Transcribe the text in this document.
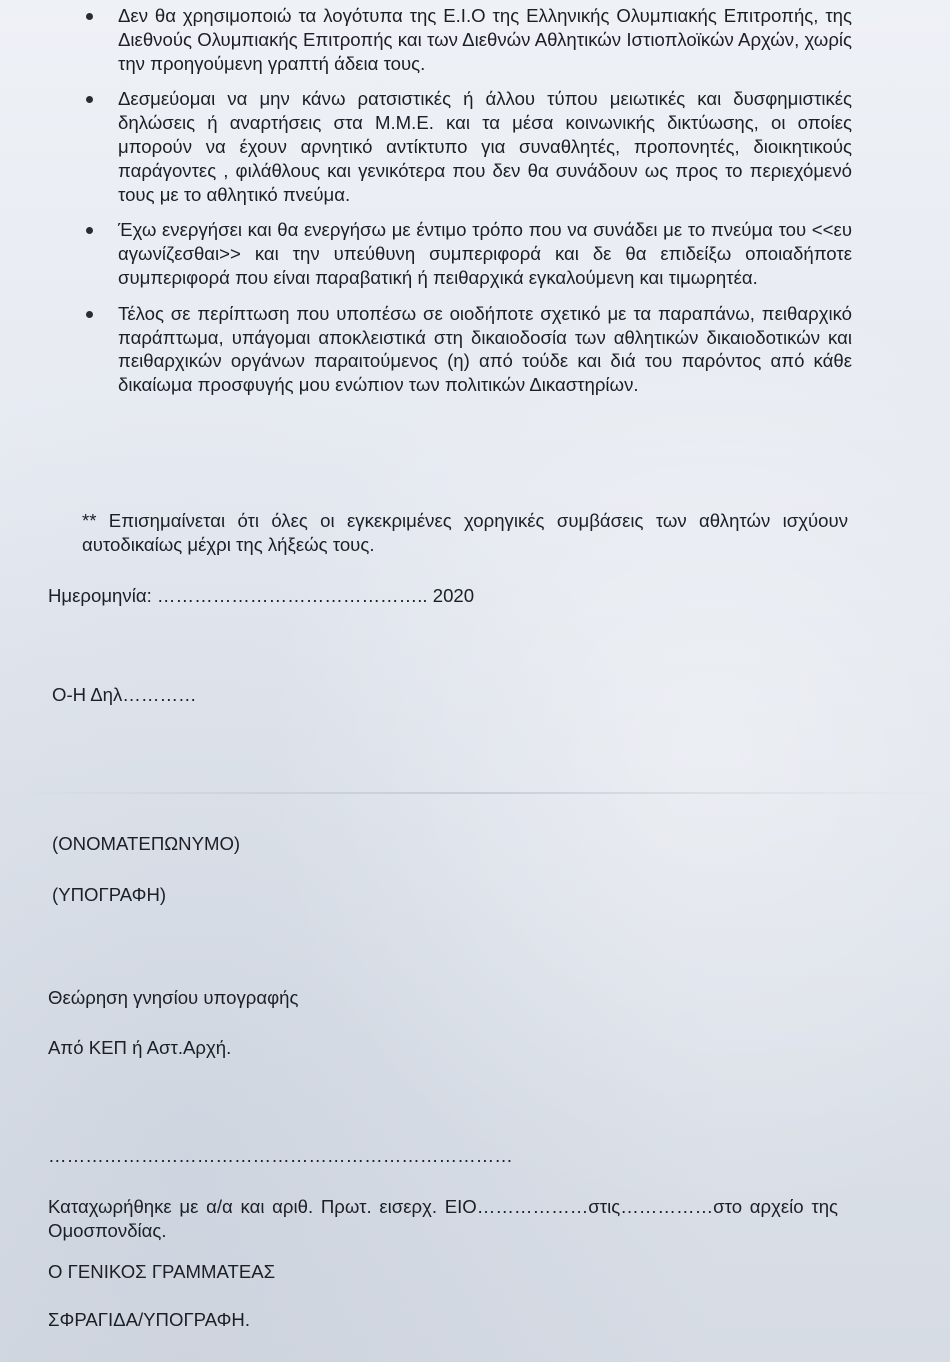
Δεν θα χρησιμοποιώ τα λογότυπα της Ε.Ι.Ο της Ελληνικής Ολυμπιακής Επιτροπής, της Διεθνούς Ολυμπιακής Επιτροπής και των Διεθνών Αθλητικών Ιστιοπλοϊκών Αρχών, χωρίς την προηγούμενη γραπτή άδεια τους.
Δεσμεύομαι να μην κάνω ρατσιστικές ή άλλου τύπου μειωτικές και δυσφημιστικές δηλώσεις ή αναρτήσεις στα Μ.Μ.Ε. και τα μέσα κοινωνικής δικτύωσης, οι οποίες μπορούν να έχουν αρνητικό αντίκτυπο για συναθλητές, προπονητές, διοικητικούς παράγοντες , φιλάθλους και γενικότερα που δεν θα συνάδουν ως προς το περιεχόμενό τους με το αθλητικό πνεύμα.
Έχω ενεργήσει και θα ενεργήσω με έντιμο τρόπο που να συνάδει με το πνεύμα του <<ευ αγωνίζεσθαι>> και την υπεύθυνη συμπεριφορά και δε θα επιδείξω οποιαδήποτε συμπεριφορά που είναι παραβατική ή πειθαρχικά εγκαλούμενη και τιμωρητέα.
Τέλος σε περίπτωση που υποπέσω σε οιοδήποτε σχετικό με τα παραπάνω, πειθαρχικό παράπτωμα, υπάγομαι αποκλειστικά στη δικαιοδοσία των αθλητικών δικαιοδοτικών και πειθαρχικών οργάνων παραιτούμενος (η) από τούδε και διά του παρόντος από κάθε δικαίωμα προσφυγής μου ενώπιον των πολιτικών Δικαστηρίων.
** Επισημαίνεται ότι όλες οι εγκεκριμένες χορηγικές συμβάσεις των αθλητών ισχύουν αυτοδικαίως μέχρι της λήξεώς τους.
Ημερομηνία: …………………………………….. 2020
Ο-Η Δηλ…………
(ΟΝΟΜΑΤΕΠΩΝΥΜΟ)
(ΥΠΟΓΡΑΦΗ)
Θεώρηση γνησίου υπογραφής
Από ΚΕΠ ή Αστ.Αρχή.
…………………………………………………………………
Καταχωρήθηκε με α/α και αριθ. Πρωτ. εισερχ. ΕΙΟ………………στις……………στο αρχείο της Ομοσπονδίας.
Ο ΓΕΝΙΚΟΣ ΓΡΑΜΜΑΤΕΑΣ
ΣΦΡΑΓΙΔΑ/ΥΠΟΓΡΑΦΗ.
